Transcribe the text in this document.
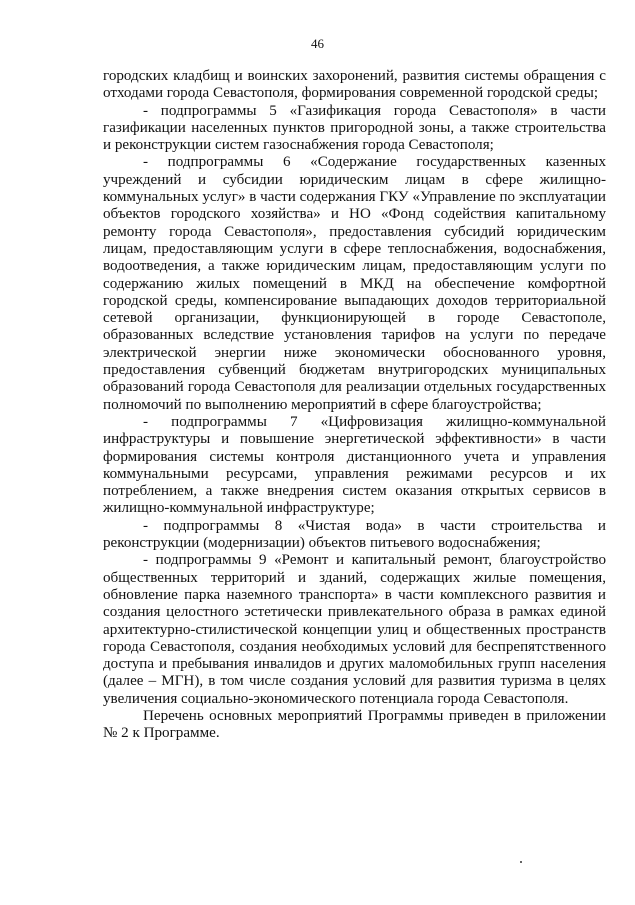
46

городских кладбищ и воинских захоронений, развития системы обращения с отходами города Севастополя, формирования современной городской среды;

- подпрограммы 5 «Газификация города Севастополя» в части газификации населенных пунктов пригородной зоны, а также строительства и реконструкции систем газоснабжения города Севастополя;

- подпрограммы 6 «Содержание государственных казенных учреждений и субсидии юридическим лицам в сфере жилищно-коммунальных услуг» в части содержания ГКУ «Управление по эксплуатации объектов городского хозяйства» и НО «Фонд содействия капитальному ремонту города Севастополя», предоставления субсидий юридическим лицам, предоставляющим услуги в сфере теплоснабжения, водоснабжения, водоотведения, а также юридическим лицам, предоставляющим услуги по содержанию жилых помещений в МКД на обеспечение комфортной городской среды, компенсирование выпадающих доходов территориальной сетевой организации, функционирующей в городе Севастополе, образованных вследствие установления тарифов на услуги по передаче электрической энергии ниже экономически обоснованного уровня, предоставления субвенций бюджетам внутригородских муниципальных образований города Севастополя для реализации отдельных государственных полномочий по выполнению мероприятий в сфере благоустройства;

- подпрограммы 7 «Цифровизация жилищно-коммунальной инфраструктуры и повышение энергетической эффективности» в части формирования системы контроля дистанционного учета и управления коммунальными ресурсами, управления режимами ресурсов и их потреблением, а также внедрения систем оказания открытых сервисов в жилищно-коммунальной инфраструктуре;

- подпрограммы 8 «Чистая вода» в части строительства и реконструкции (модернизации) объектов питьевого водоснабжения;

- подпрограммы 9 «Ремонт и капитальный ремонт, благоустройство общественных территорий и зданий, содержащих жилые помещения, обновление парка наземного транспорта» в части комплексного развития и создания целостного эстетически привлекательного образа в рамках единой архитектурно-стилистической концепции улиц и общественных пространств города Севастополя, создания необходимых условий для беспрепятственного доступа и пребывания инвалидов и других маломобильных групп населения (далее – МГН), в том числе создания условий для развития туризма в целях увеличения социально-экономического потенциала города Севастополя.

Перечень основных мероприятий Программы приведен в приложении № 2 к Программе.
